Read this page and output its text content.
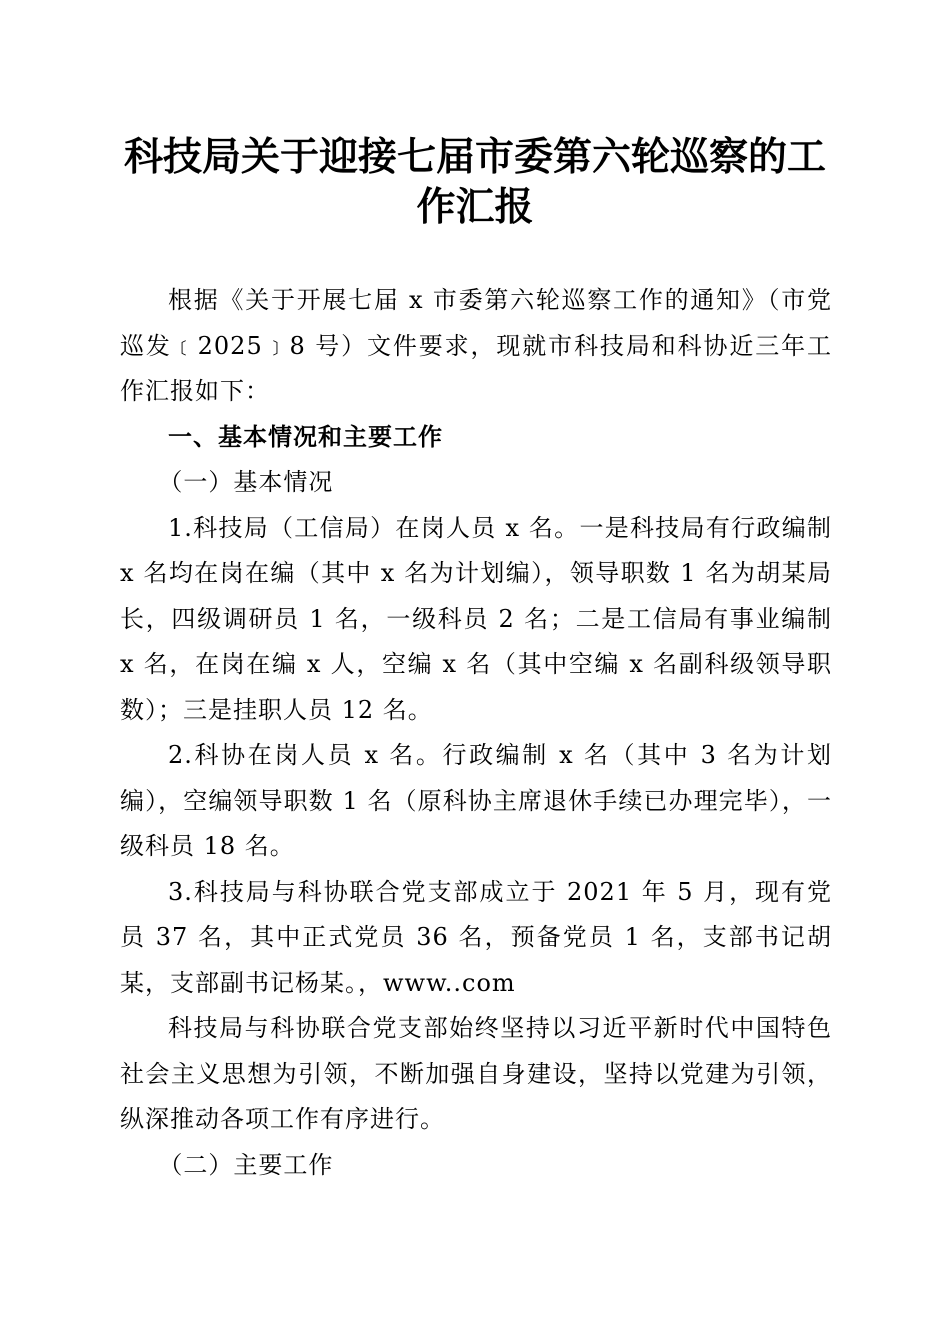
科技局关于迎接七届市委第六轮巡察的工作汇报

根据《关于开展七届 x 市委第六轮巡察工作的通知》（市党巡发﹝2025﹞8 号）文件要求，现就市科技局和科协近三年工作汇报如下：

一、基本情况和主要工作

（一）基本情况

1.科技局（工信局）在岗人员 x 名。一是科技局有行政编制 x 名均在岗在编（其中 x 名为计划编），领导职数 1 名为胡某局长，四级调研员 1 名，一级科员 2 名；二是工信局有事业编制 x 名，在岗在编 x 人，空编 x 名（其中空编 x 名副科级领导职数）；三是挂职人员 12 名。

2.科协在岗人员 x 名。行政编制 x 名（其中 3 名为计划编），空编领导职数 1 名（原科协主席退休手续已办理完毕），一级科员 18 名。

3.科技局与科协联合党支部成立于 2021 年 5 月，现有党员 37 名，其中正式党员 36 名，预备党员 1 名，支部书记胡某，支部副书记杨某。，www..com

科技局与科协联合党支部始终坚持以习近平新时代中国特色社会主义思想为引领，不断加强自身建设，坚持以党建为引领，纵深推动各项工作有序进行。

（二）主要工作
